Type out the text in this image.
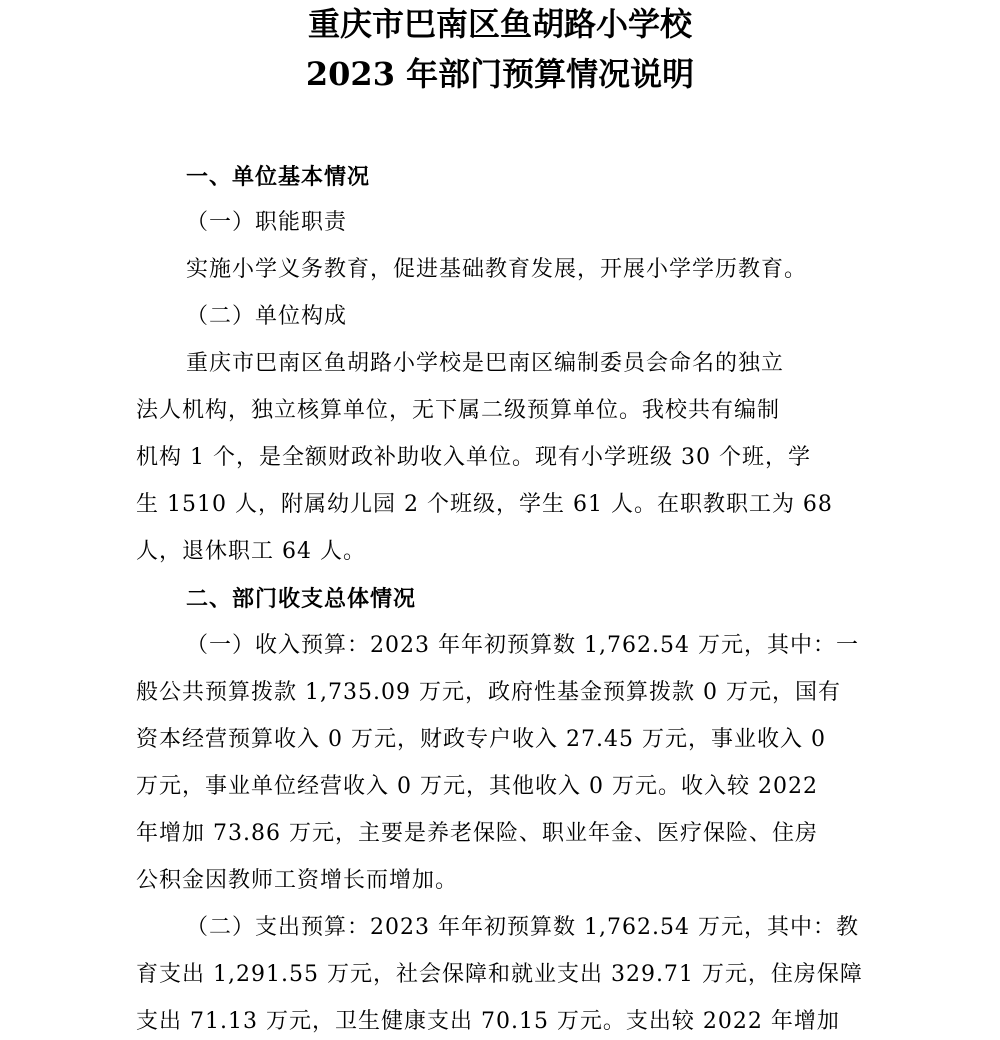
重庆市巴南区鱼胡路小学校
2023 年部门预算情况说明

一、单位基本情况

（一）职能职责

实施小学义务教育，促进基础教育发展，开展小学学历教育。

（二）单位构成

重庆市巴南区鱼胡路小学校是巴南区编制委员会命名的独立

法人机构，独立核算单位，无下属二级预算单位。我校共有编制

机构 1 个，是全额财政补助收入单位。现有小学班级 30 个班，学

生 1510 人，附属幼儿园 2 个班级，学生 61 人。在职教职工为 68

人，退休职工 64 人。

二、部门收支总体情况

（一）收入预算：2023 年年初预算数 1,762.54 万元，其中：一

般公共预算拨款 1,735.09 万元，政府性基金预算拨款 0 万元，国有

资本经营预算收入 0 万元，财政专户收入 27.45 万元，事业收入 0

万元，事业单位经营收入 0 万元，其他收入 0 万元。收入较 2022

年增加 73.86 万元，主要是养老保险、职业年金、医疗保险、住房

公积金因教师工资增长而增加。

（二）支出预算：2023 年年初预算数 1,762.54 万元，其中：教

育支出 1,291.55 万元，社会保障和就业支出 329.71 万元，住房保障

支出 71.13 万元，卫生健康支出 70.15 万元。支出较 2022 年增加
